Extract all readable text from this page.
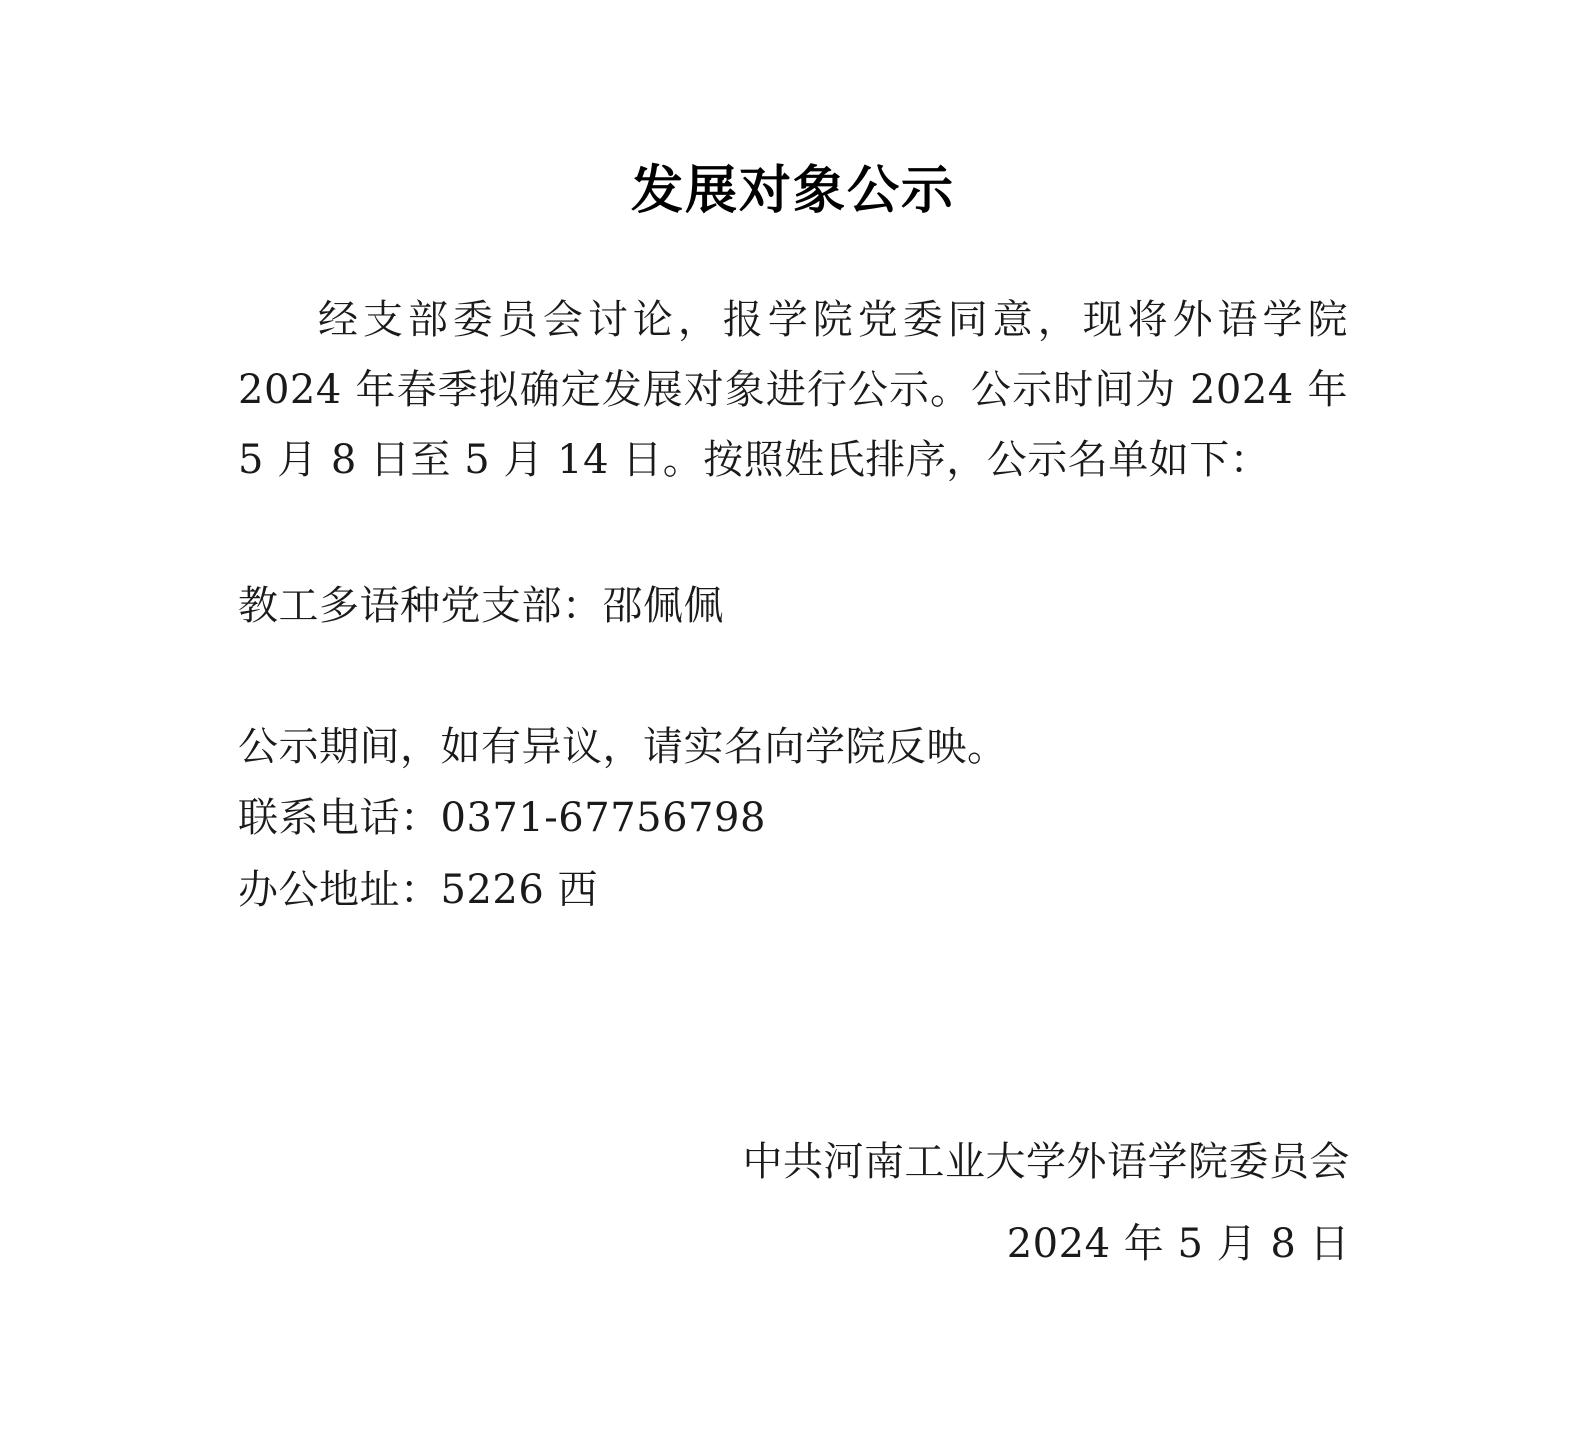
发展对象公示

经支部委员会讨论，报学院党委同意，现将外语学院 2024 年春季拟确定发展对象进行公示。公示时间为 2024 年 5 月 8 日至 5 月 14 日。按照姓氏排序，公示名单如下：

教工多语种党支部：邵佩佩

公示期间，如有异议，请实名向学院反映。

联系电话：0371-67756798

办公地址：5226 西

中共河南工业大学外语学院委员会
2024 年 5 月 8 日
